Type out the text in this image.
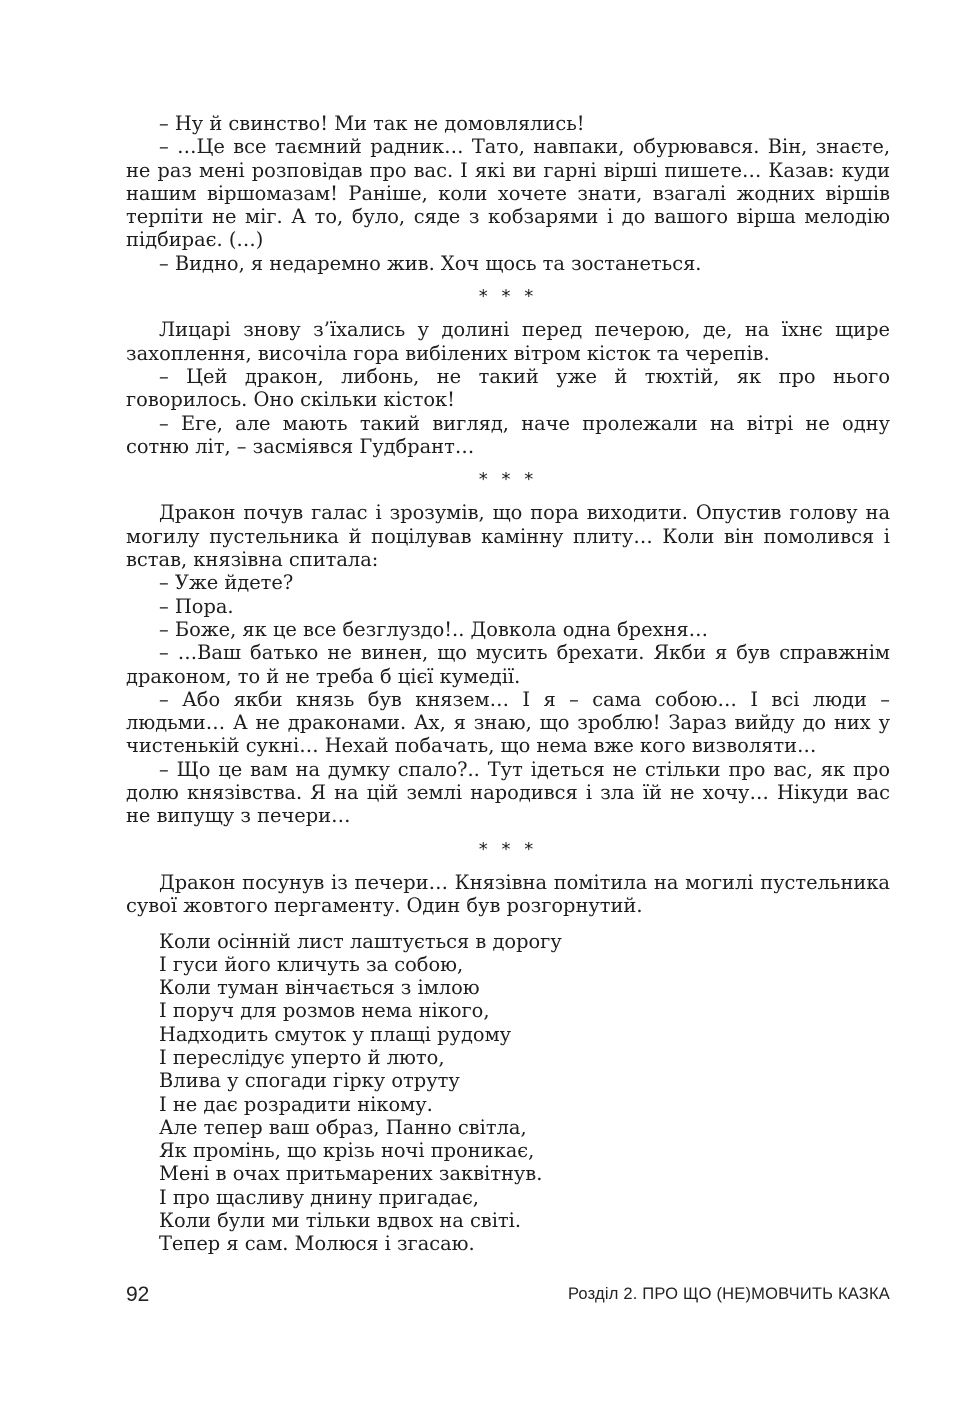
– Ну й свинство! Ми так не домовлялись!

– …Це все таємний радник… Тато, навпаки, обурювався. Він, знаєте, не раз мені розповідав про вас. І які ви гарні вірші пишете… Казав: куди нашим віршомазам! Раніше, коли хочете знати, взагалі жодних віршів терпіти не міг. А то, було, сяде з кобзарями і до вашого вірша мелодію підбирає. (…)

– Видно, я недаремно жив. Хоч щось та зостанеться.

* * *

Лицарі знову з’їхались у долині перед печерою, де, на їхнє щире захоплення, височіла гора вибілених вітром кісток та черепів.

– Цей дракон, либонь, не такий уже й тюхтій, як про нього говорилось. Оно скільки кісток!

– Еге, але мають такий вигляд, наче пролежали на вітрі не одну сотню літ, – засміявся Гудбрант…

* * *

Дракон почув галас і зрозумів, що пора виходити. Опустив голову на могилу пустельника й поцілував камінну плиту… Коли він помолився і встав, князівна спитала:

– Уже йдете?

– Пора.

– Боже, як це все безглуздо!.. Довкола одна брехня…

– …Ваш батько не винен, що мусить брехати. Якби я був справжнім драконом, то й не треба б цієї кумедії.

– Або якби князь був князем… І я – сама собою… І всі люди – людьми… А не драконами. Ах, я знаю, що зроблю! Зараз вийду до них у чистенькій сукні… Нехай побачать, що нема вже кого визволяти…

– Що це вам на думку спало?.. Тут ідеться не стільки про вас, як про долю князівства. Я на цій землі народився і зла їй не хочу… Нікуди вас не випущу з печери…

* * *

Дракон посунув із печери… Князівна помітила на могилі пустельника сувої жовтого пергаменту. Один був розгорнутий.

Коли осінній лист лаштується в дорогу

І гуси його кличуть за собою,

Коли туман вінчається з імлою

І поруч для розмов нема нікого,

Надходить смуток у плащі рудому

І переслідує уперто й люто,

Влива у спогади гірку отруту

І не дає розрадити нікому.

Але тепер ваш образ, Панно світла,

Як промінь, що крізь ночі проникає,

Мені в очах притьмарених заквітнув.

І про щасливу днину пригадає,

Коли були ми тільки вдвох на світі.

Тепер я сам. Молюся і згасаю.

92	Розділ 2. ПРО ЩО (НЕ)МОВЧИТЬ КАЗКА
